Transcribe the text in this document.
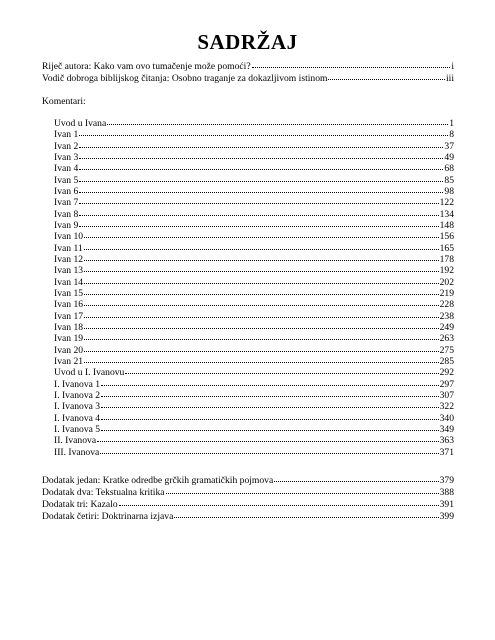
SADRŽAJ
Riječ autora: Kako vam ovo tumačenje može pomoći?	i
Vodič dobroga biblijskog čitanja: Osobno traganje za dokazljivom istinom	iii
Komentari:
Uvod u Ivana	1
Ivan 1	8
Ivan 2	37
Ivan 3	49
Ivan 4	68
Ivan 5	85
Ivan 6	98
Ivan 7	122
Ivan 8	134
Ivan 9	148
Ivan 10	156
Ivan 11	165
Ivan 12	178
Ivan 13	192
Ivan 14	202
Ivan 15	219
Ivan 16	228
Ivan 17	238
Ivan 18	249
Ivan 19	263
Ivan 20	275
Ivan 21	285
Uvod u I. Ivanovu	292
I. Ivanova 1	297
I. Ivanova 2	307
I. Ivanova 3	322
I. Ivanova 4	340
I. Ivanova 5	349
II. Ivanova	363
III. Ivanova	371
Dodatak jedan: Kratke odredbe grčkih gramatičkih pojmova	379
Dodatak dva: Tekstualna kritika	388
Dodatak tri: Kazalo	391
Dodatak četiri: Doktrinarna izjava	399
